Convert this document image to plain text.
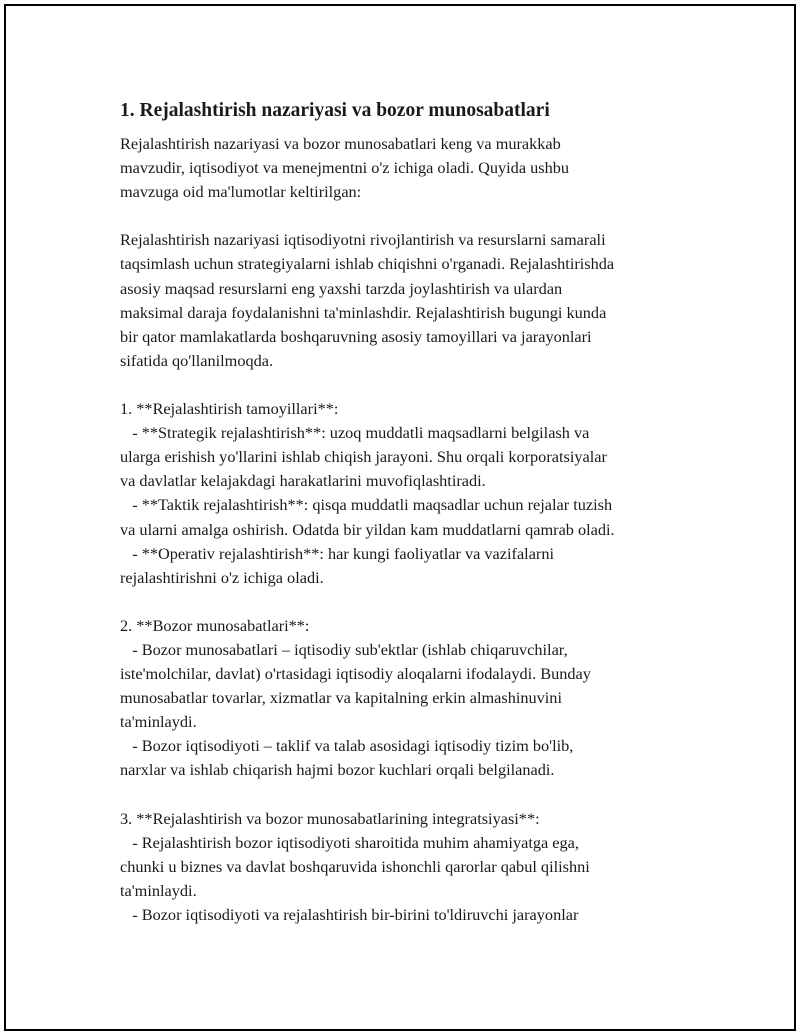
1. Rejalashtirish nazariyasi va bozor munosabatlari
Rejalashtirish nazariyasi va bozor munosabatlari keng va murakkab
mavzudir, iqtisodiyot va menejmentni o'z ichiga oladi. Quyida ushbu
mavzuga oid ma'lumotlar keltirilgan:
Rejalashtirish nazariyasi iqtisodiyotni rivojlantirish va resurslarni samarali
taqsimlash uchun strategiyalarni ishlab chiqishni o'rganadi. Rejalashtirishda
asosiy maqsad resurslarni eng yaxshi tarzda joylashtirish va ulardan
maksimal daraja foydalanishni ta'minlashdir. Rejalashtirish bugungi kunda
bir qator mamlakatlarda boshqaruvning asosiy tamoyillari va jarayonlari
sifatida qo'llanilmoqda.
1. **Rejalashtirish tamoyillari**:
- **Strategik rejalashtirish**: uzoq muddatli maqsadlarni belgilash va
ularga erishish yo'llarini ishlab chiqish jarayoni. Shu orqali korporatsiyalar
va davlatlar kelajakdagi harakatlarini muvofiqlashtiradi.
- **Taktik rejalashtirish**: qisqa muddatli maqsadlar uchun rejalar tuzish
va ularni amalga oshirish. Odatda bir yildan kam muddatlarni qamrab oladi.
- **Operativ rejalashtirish**: har kungi faoliyatlar va vazifalarni
rejalashtirishni o'z ichiga oladi.
2. **Bozor munosabatlari**:
- Bozor munosabatlari – iqtisodiy sub'ektlar (ishlab chiqaruvchilar,
iste'molchilar, davlat) o'rtasidagi iqtisodiy aloqalarni ifodalaydi. Bunday
munosabatlar tovarlar, xizmatlar va kapitalning erkin almashinuvini
ta'minlaydi.
- Bozor iqtisodiyoti – taklif va talab asosidagi iqtisodiy tizim bo'lib,
narxlar va ishlab chiqarish hajmi bozor kuchlari orqali belgilanadi.
3. **Rejalashtirish va bozor munosabatlarining integratsiyasi**:
- Rejalashtirish bozor iqtisodiyoti sharoitida muhim ahamiyatga ega,
chunki u biznes va davlat boshqaruvida ishonchli qarorlar qabul qilishni
ta'minlaydi.
- Bozor iqtisodiyoti va rejalashtirish bir-birini to'ldiruvchi jarayonlar
